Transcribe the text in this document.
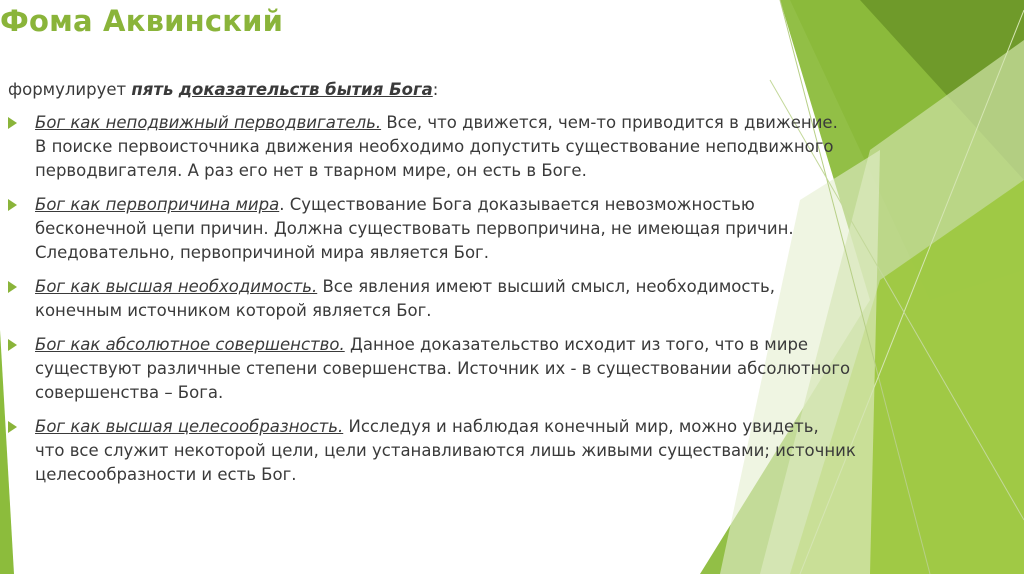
Фома Аквинский

формулирует пять доказательств бытия Бога:

Бог как неподвижный перводвигатель. Все, что движется, чем-то приводится в движение.
В поиске первоисточника движения необходимо допустить существование неподвижного
перводвигателя. А раз его нет в тварном мире, он есть в Боге.
Бог как первопричина мира. Существование Бога доказывается невозможностью
бесконечной цепи причин. Должна существовать первопричина, не имеющая причин.
Следовательно, первопричиной мира является Бог.
Бог как высшая необходимость. Все явления имеют высший смысл, необходимость,
конечным источником которой является Бог.
Бог как абсолютное совершенство. Данное доказательство исходит из того, что в мире
существуют различные степени совершенства. Источник их - в существовании абсолютного
совершенства – Бога.
Бог как высшая целесообразность. Исследуя и наблюдая конечный мир, можно увидеть,
что все служит некоторой цели, цели устанавливаются лишь живыми существами; источник
целесообразности и есть Бог.
